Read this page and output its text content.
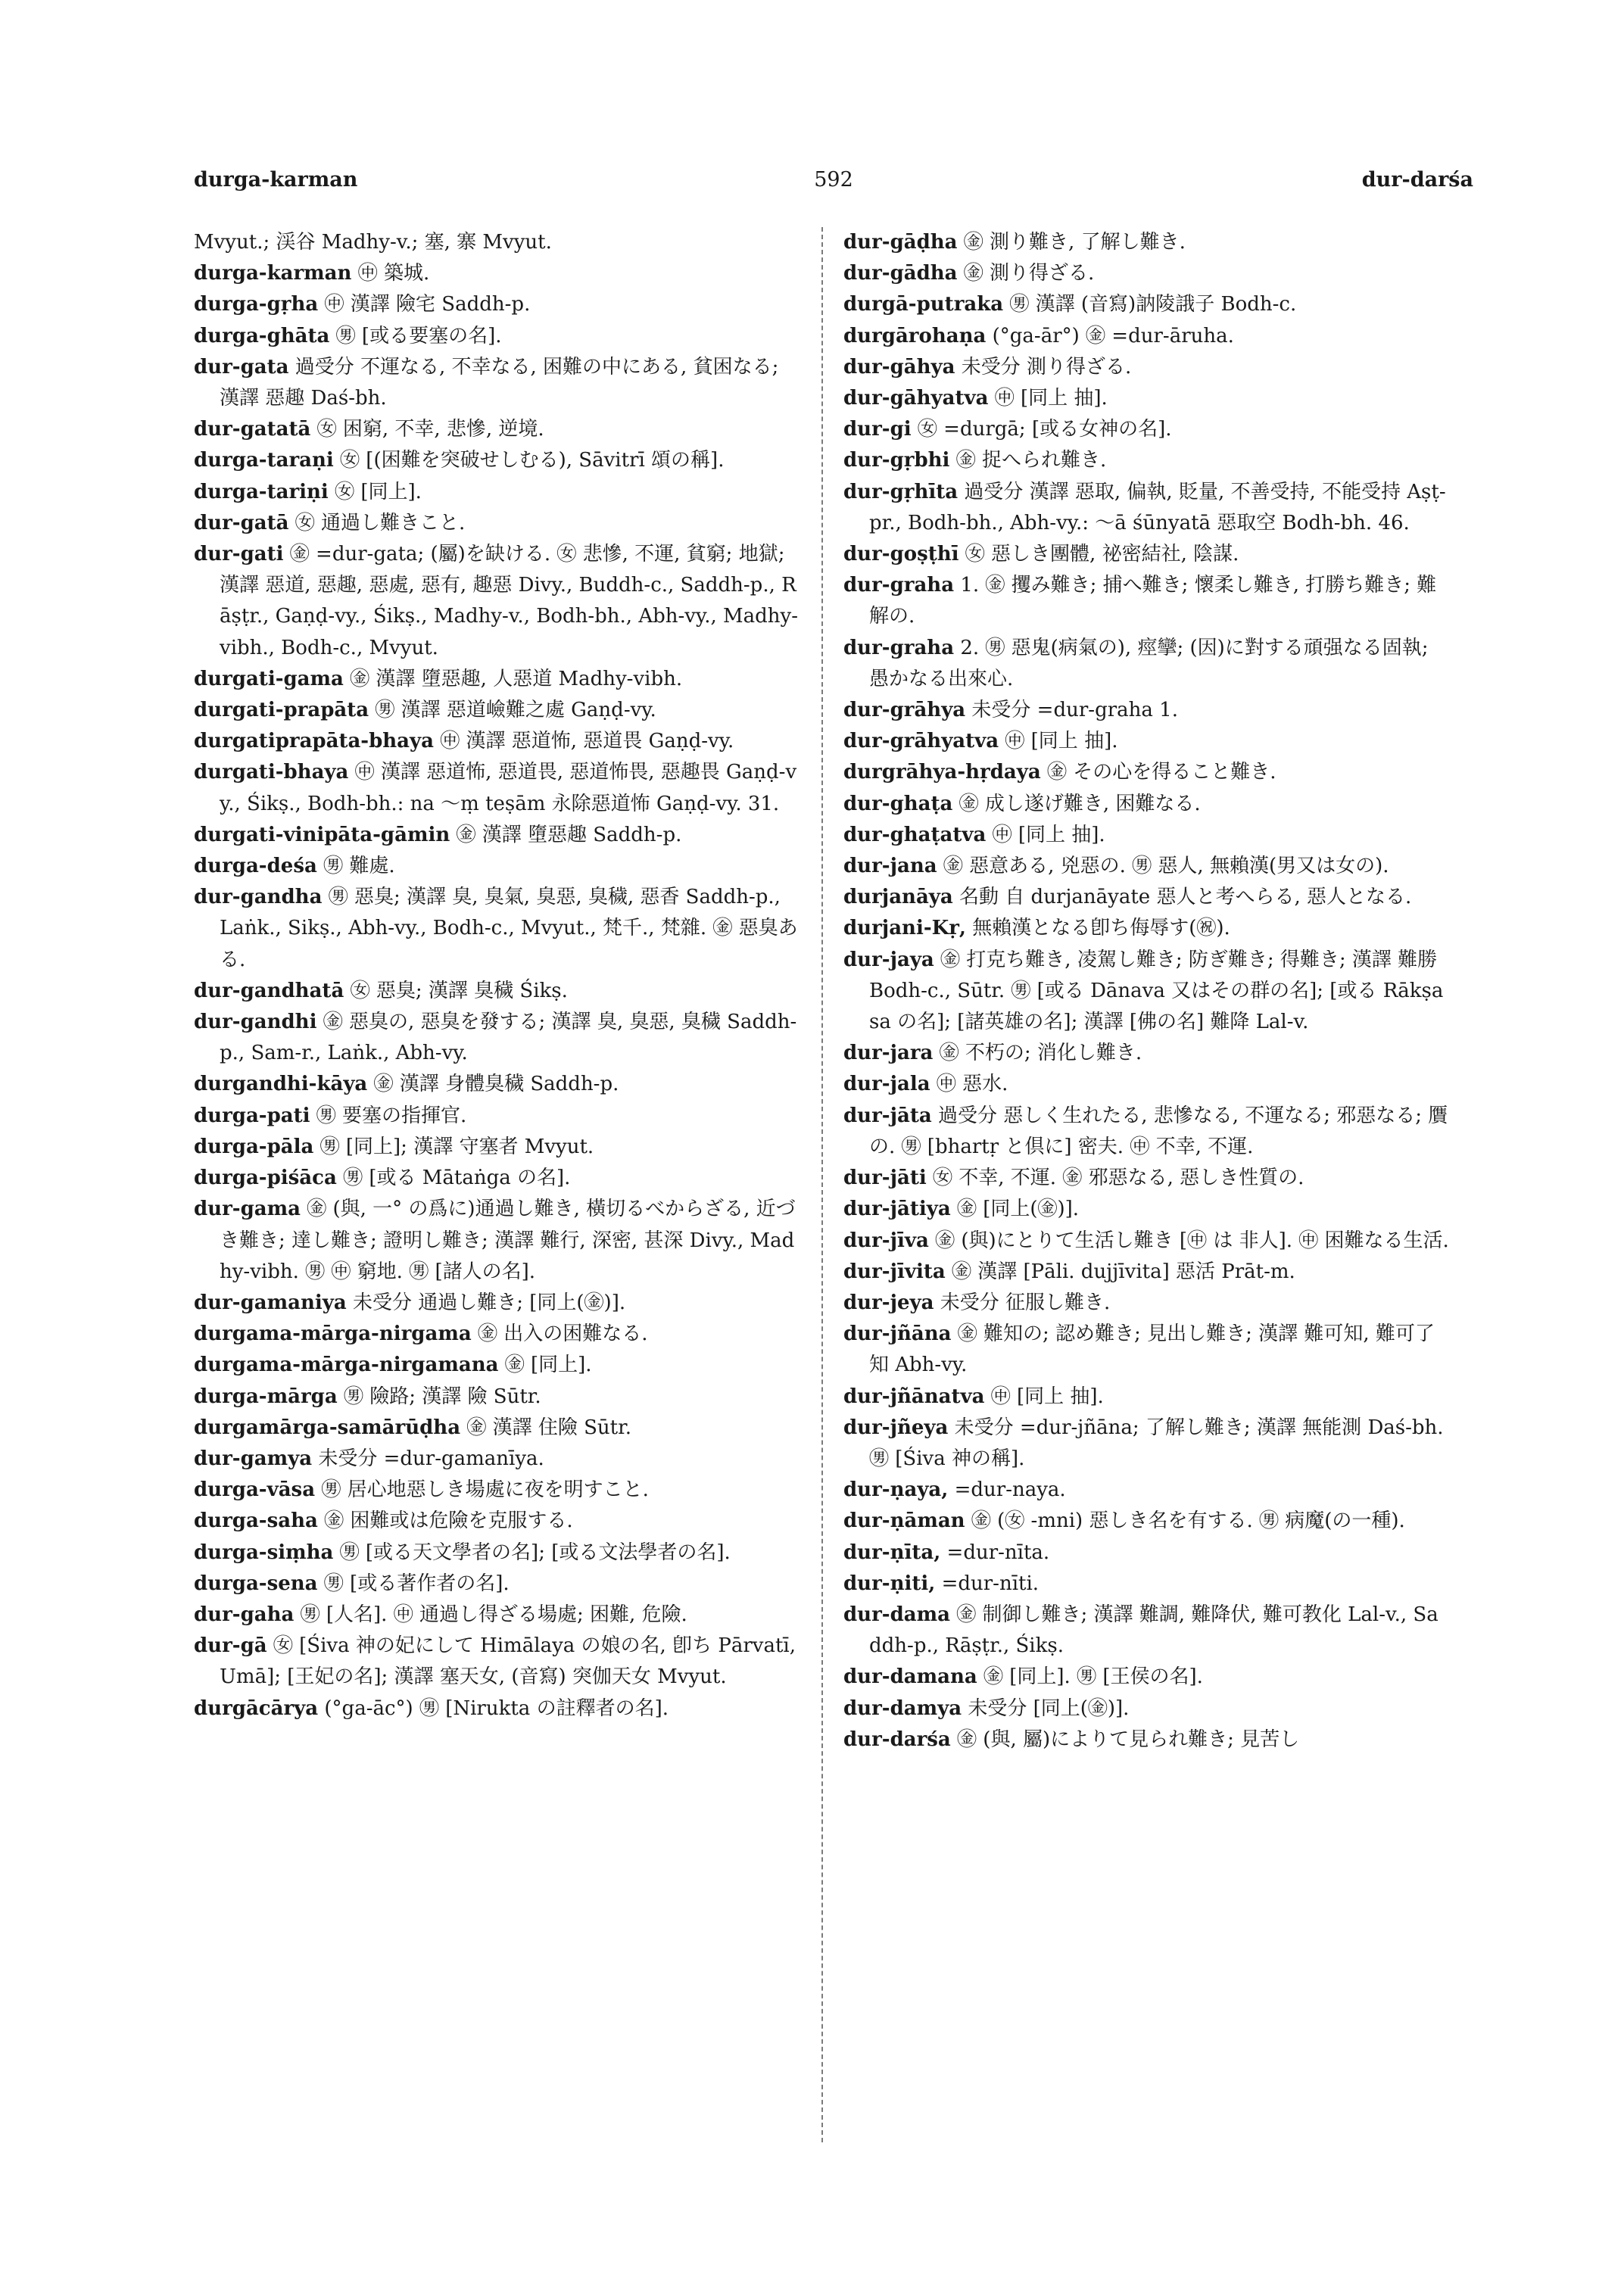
durga-karman	592	dur-darśa

Mvyut.; 渓谷 Madhy-v.; 塞, 寨 Mvyut.

durga-karman ㊥ 築城.

durga-gṛha ㊥ 漢譯 險宅 Saddh-p.

durga-ghāta ㊚ [或る要塞の名].

dur-gata 過受分 不運なる, 不幸なる, 困難の中にある, 貧困なる; 漢譯 惡趣 Daś-bh.

dur-gatatā ㊛ 困窮, 不幸, 悲慘, 逆境.

durga-taraṇi ㊛ [(困難を突破せしむる), Sāvitrī 頌の稱].

durga-tariṇi ㊛ [同上].

dur-gatā ㊛ 通過し難きこと.

dur-gati ㊎ =dur-gata; (屬)を缺ける. ㊛ 悲慘, 不運, 貧窮; 地獄; 漢譯 惡道, 惡趣, 惡處, 惡有, 趣惡 Divy., Buddh-c., Saddh-p., Rāṣṭr., Gaṇḍ-vy., Śikṣ., Madhy-v., Bodh-bh., Abh-vy., Madhy-vibh., Bodh-c., Mvyut.

durgati-gama ㊎ 漢譯 墮惡趣, 人惡道 Madhy-vibh.

durgati-prapāta ㊚ 漢譯 惡道嶮難之處 Gaṇḍ-vy.

durgatiprapāta-bhaya ㊥ 漢譯 惡道怖, 惡道畏 Gaṇḍ-vy.

durgati-bhaya ㊥ 漢譯 惡道怖, 惡道畏, 惡道怖畏, 惡趣畏 Gaṇḍ-vy., Śikṣ., Bodh-bh.: na 〜ṃ teṣām 永除惡道怖 Gaṇḍ-vy. 31.

durgati-vinipāta-gāmin ㊎ 漢譯 墮惡趣 Saddh-p.

durga-deśa ㊚ 難處.

dur-gandha ㊚ 惡臭; 漢譯 臭, 臭氣, 臭惡, 臭穢, 惡香 Saddh-p., Laṅk., Sikṣ., Abh-vy., Bodh-c., Mvyut., 梵千., 梵雜. ㊎ 惡臭ある.

dur-gandhatā ㊛ 惡臭; 漢譯 臭穢 Śikṣ.

dur-gandhi ㊎ 惡臭の, 惡臭を發する; 漢譯 臭, 臭惡, 臭穢 Saddh-p., Sam-r., Laṅk., Abh-vy.

durgandhi-kāya ㊎ 漢譯 身體臭穢 Saddh-p.

durga-pati ㊚ 要塞の指揮官.

durga-pāla ㊚ [同上]; 漢譯 守塞者 Mvyut.

durga-piśāca ㊚ [或る Mātaṅga の名].

dur-gama ㊎ (與, 一° の爲に)通過し難き, 橫切るべからざる, 近づき難き; 達し難き; 證明し難き; 漢譯 難行, 深密, 甚深 Divy., Madhy-vibh. ㊚ ㊥ 窮地. ㊚ [諸人の名].

dur-gamaniya 未受分 通過し難き; [同上(㊎)].

durgama-mārga-nirgama ㊎ 出入の困難なる.

durgama-mārga-nirgamana ㊎ [同上].

durga-mārga ㊚ 險路; 漢譯 險 Sūtr.

durgamārga-samārūḍha ㊎ 漢譯 住險 Sūtr.

dur-gamya 未受分 =dur-gamanīya.

durga-vāsa ㊚ 居心地惡しき場處に夜を明すこと.

durga-saha ㊎ 困難或は危險を克服する.

durga-siṃha ㊚ [或る天文學者の名]; [或る文法學者の名].

durga-sena ㊚ [或る著作者の名].

dur-gaha ㊚ [人名]. ㊥ 通過し得ざる場處; 困難, 危險.

dur-gā ㊛ [Śiva 神の妃にして Himālaya の娘の名, 卽ち Pārvatī, Umā]; [王妃の名]; 漢譯 塞天女, (音寫) 突伽天女 Mvyut.

durgācārya (°ga-āc°) ㊚ [Nirukta の註釋者の名].

dur-gāḍha ㊎ 測り難き, 了解し難き.

dur-gādha ㊎ 測り得ざる.

durgā-putraka ㊚ 漢譯 (音寫)訥陵誐子 Bodh-c.

durgārohaṇa (°ga-ār°) ㊎ =dur-āruha.

dur-gāhya 未受分 測り得ざる.

dur-gāhyatva ㊥ [同上 抽].

dur-gi ㊛ =durgā; [或る女神の名].

dur-gṛbhi ㊎ 捉へられ難き.

dur-gṛhīta 過受分 漢譯 惡取, 偏執, 貶量, 不善受持, 不能受持 Aṣṭ-pr., Bodh-bh., Abh-vy.: 〜ā śūnyatā 惡取空 Bodh-bh. 46.

dur-goṣṭhī ㊛ 惡しき團體, 祕密結社, 陰謀.

dur-graha 1. ㊎ 攫み難き; 捕へ難き; 懷柔し難き, 打勝ち難き; 難解の.

dur-graha 2. ㊚ 惡鬼(病氣の), 痙攣; (因)に對する頑强なる固執; 愚かなる出來心.

dur-grāhya 未受分 =dur-graha 1.

dur-grāhyatva ㊥ [同上 抽].

durgrāhya-hṛdaya ㊎ その心を得ること難き.

dur-ghaṭa ㊎ 成し遂げ難き, 困難なる.

dur-ghaṭatva ㊥ [同上 抽].

dur-jana ㊎ 惡意ある, 兇惡の. ㊚ 惡人, 無賴漢(男又は女の).

durjanāya 名動 自 durjanāyate 惡人と考へらる, 惡人となる.

durjani-Kṛ, 無賴漢となる卽ち侮辱す(㊗).

dur-jaya ㊎ 打克ち難き, 凌駕し難き; 防ぎ難き; 得難き; 漢譯 難勝 Bodh-c., Sūtr. ㊚ [或る Dānava 又はその群の名]; [或る Rākṣasa の名]; [諸英雄の名]; 漢譯 [佛の名] 難降 Lal-v.

dur-jara ㊎ 不朽の; 消化し難き.

dur-jala ㊥ 惡水.

dur-jāta 過受分 惡しく生れたる, 悲慘なる, 不運なる; 邪惡なる; 贋の. ㊚ [bhartṛ と倶に] 密夫. ㊥ 不幸, 不運.

dur-jāti ㊛ 不幸, 不運. ㊎ 邪惡なる, 惡しき性質の.

dur-jātiya ㊎ [同上(㊎)].

dur-jīva ㊎ (與)にとりて生活し難き [㊥ は 非人]. ㊥ 困難なる生活.

dur-jīvita ㊎ 漢譯 [Pāli. dujjīvita] 惡活 Prāt-m.

dur-jeya 未受分 征服し難き.

dur-jñāna ㊎ 難知の; 認め難き; 見出し難き; 漢譯 難可知, 難可了知 Abh-vy.

dur-jñānatva ㊥ [同上 抽].

dur-jñeya 未受分 =dur-jñāna; 了解し難き; 漢譯 無能測 Daś-bh. ㊚ [Śiva 神の稱].

dur-ṇaya, =dur-naya.

dur-ṇāman ㊎ (㊛ -mni) 惡しき名を有する. ㊚ 病魔(の一種).

dur-ṇīta, =dur-nīta.

dur-ṇiti, =dur-nīti.

dur-dama ㊎ 制御し難き; 漢譯 難調, 難降伏, 難可教化 Lal-v., Saddh-p., Rāṣṭr., Śikṣ.

dur-damana ㊎ [同上]. ㊚ [王侯の名].

dur-damya 未受分 [同上(㊎)].

dur-darśa ㊎ (與, 屬)によりて見られ難き; 見苦し
